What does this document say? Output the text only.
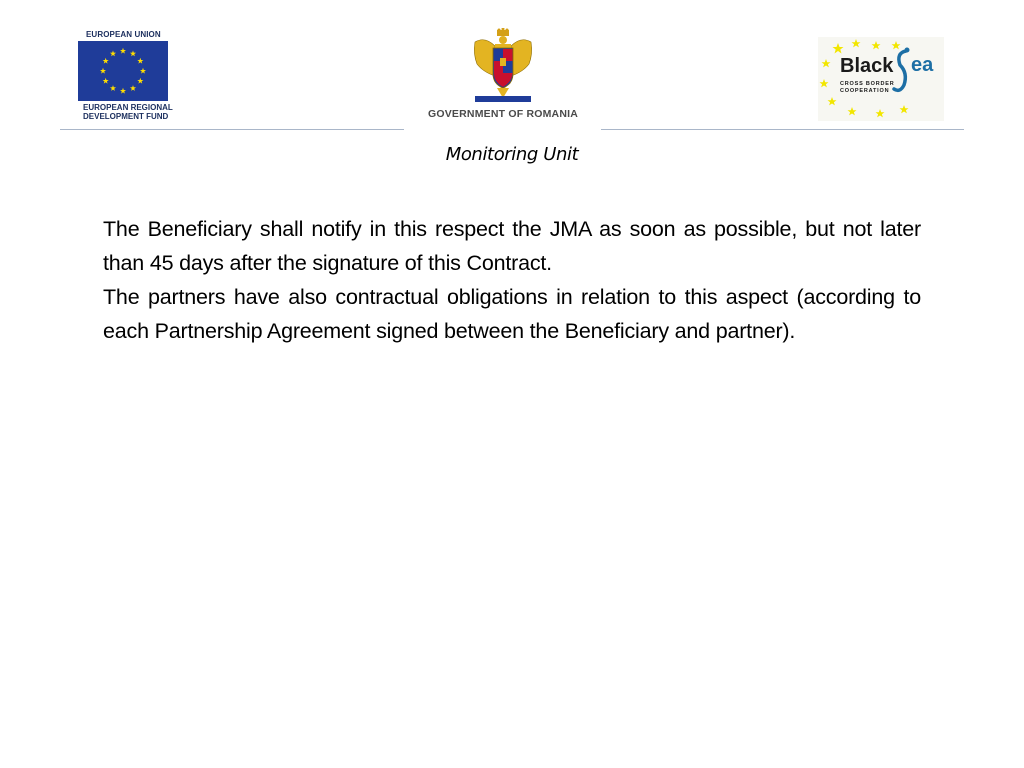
EUROPEAN UNION
EUROPEAN REGIONAL
DEVELOPMENT FUND	GOVERNMENT OF ROMANIA
Black ea
CROSS BORDER
COOPERATION
Monitoring Unit

The Beneficiary shall notify in this respect the JMA as soon as possible, but not later than 45 days after the signature of this Contract.

The partners have also contractual obligations in relation to this aspect (according to each Partnership Agreement signed between the Beneficiary and partner).
